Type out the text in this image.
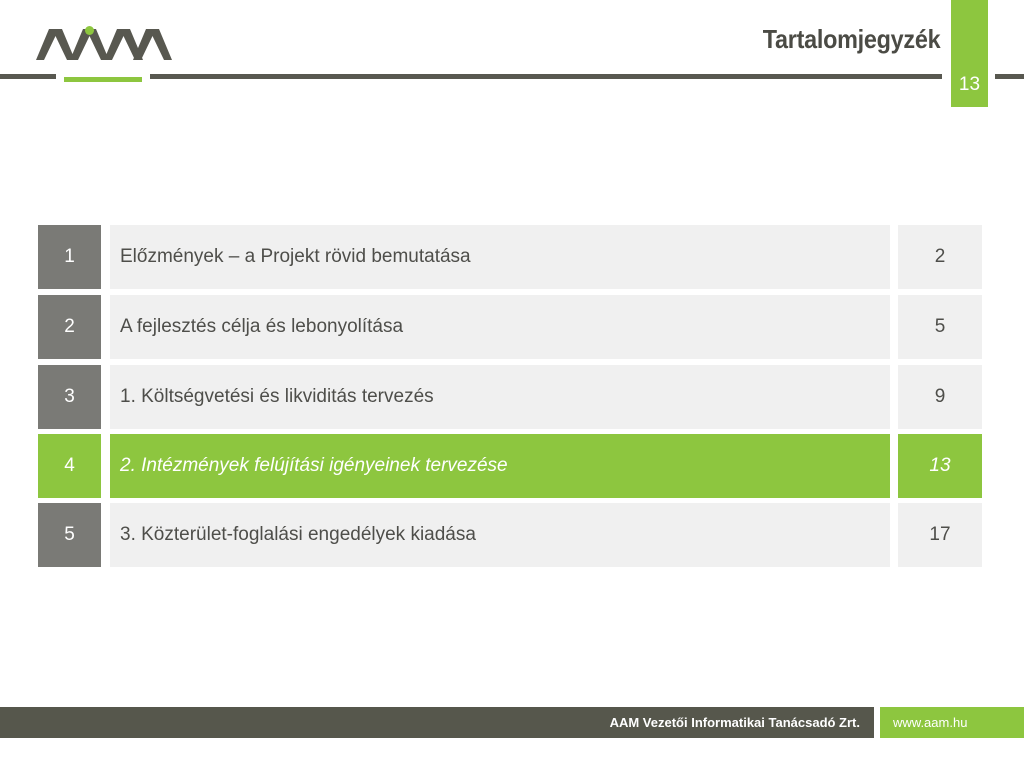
Tartalomjegyzék
13
1	Előzmények – a Projekt rövid bemutatása	2
2	A fejlesztés célja és lebonyolítása	5
3	1. Költségvetési és likviditás tervezés	9
4	2. Intézmények felújítási igényeinek tervezése	13
5	3. Közterület-foglalási engedélyek kiadása	17
AAM Vezetői Informatikai Tanácsadó Zrt.	www.aam.hu
